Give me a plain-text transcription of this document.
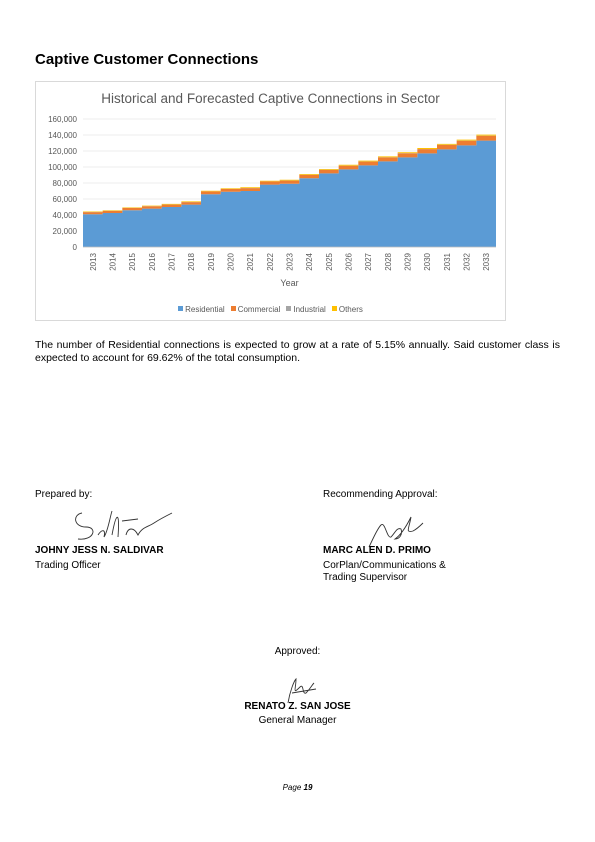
Captive Customer Connections
Historical and Forecasted Captive Connections in Sector
0
20,000
40,000
60,000
80,000
100,000
120,000
140,000
160,000
2013 2014 2015 2016 2017 2018 2019 2020 2021 2022 2023 2024 2025 2026 2027 2028 2029 2030 2031 2032 2033
Year
Residential Commercial Industrial Others

The number of Residential connections is expected to grow at a rate of 5.15% annually. Said customer class is expected to account for 69.62% of the total consumption.

Prepared by:
JOHNY JESS N. SALDIVAR
Trading Officer
Recommending Approval:
MARC ALEN D. PRIMO
CorPlan/Communications &
Trading Supervisor
Approved:
RENATO Z. SAN JOSE
General Manager
Page 19
